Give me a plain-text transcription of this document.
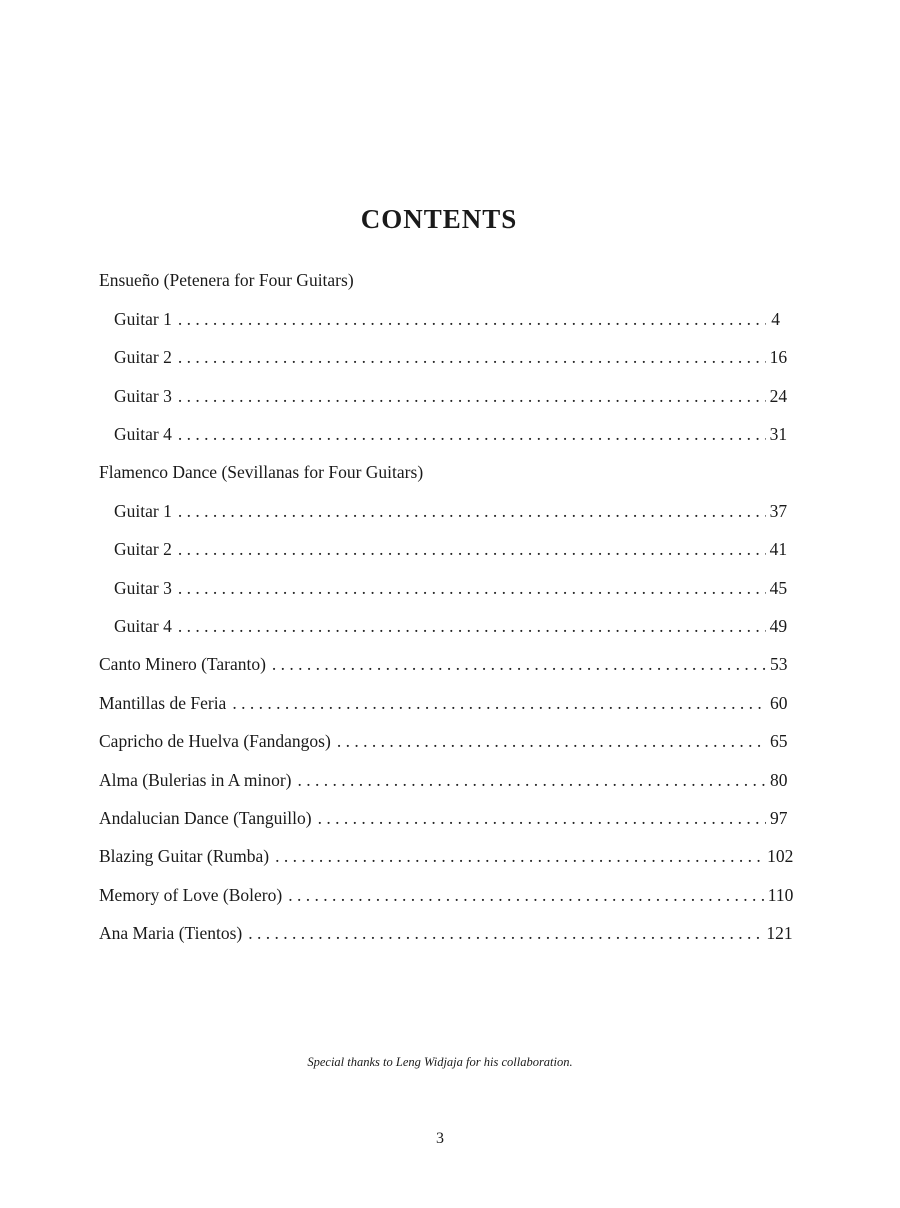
CONTENTS
Ensueño (Petenera for Four Guitars)
Guitar 1 . . .	4
Guitar 2 . . .	16
Guitar 3 . . .	24
Guitar 4 . . .	31
Flamenco Dance (Sevillanas for Four Guitars)
Guitar 1 . . .	37
Guitar 2 . . .	41
Guitar 3 . . .	45
Guitar 4 . . .	49
Canto Minero (Taranto) . . .	53
Mantillas de Feria . . .	60
Capricho de Huelva (Fandangos) . . .	65
Alma (Bulerias in A minor) . . .	80
Andalucian Dance (Tanguillo) . . .	97
Blazing Guitar (Rumba) . . .	102
Memory of Love (Bolero) . . .	110
Ana Maria (Tientos) . . .	121
Special thanks to Leng Widjaja for his collaboration.
3
